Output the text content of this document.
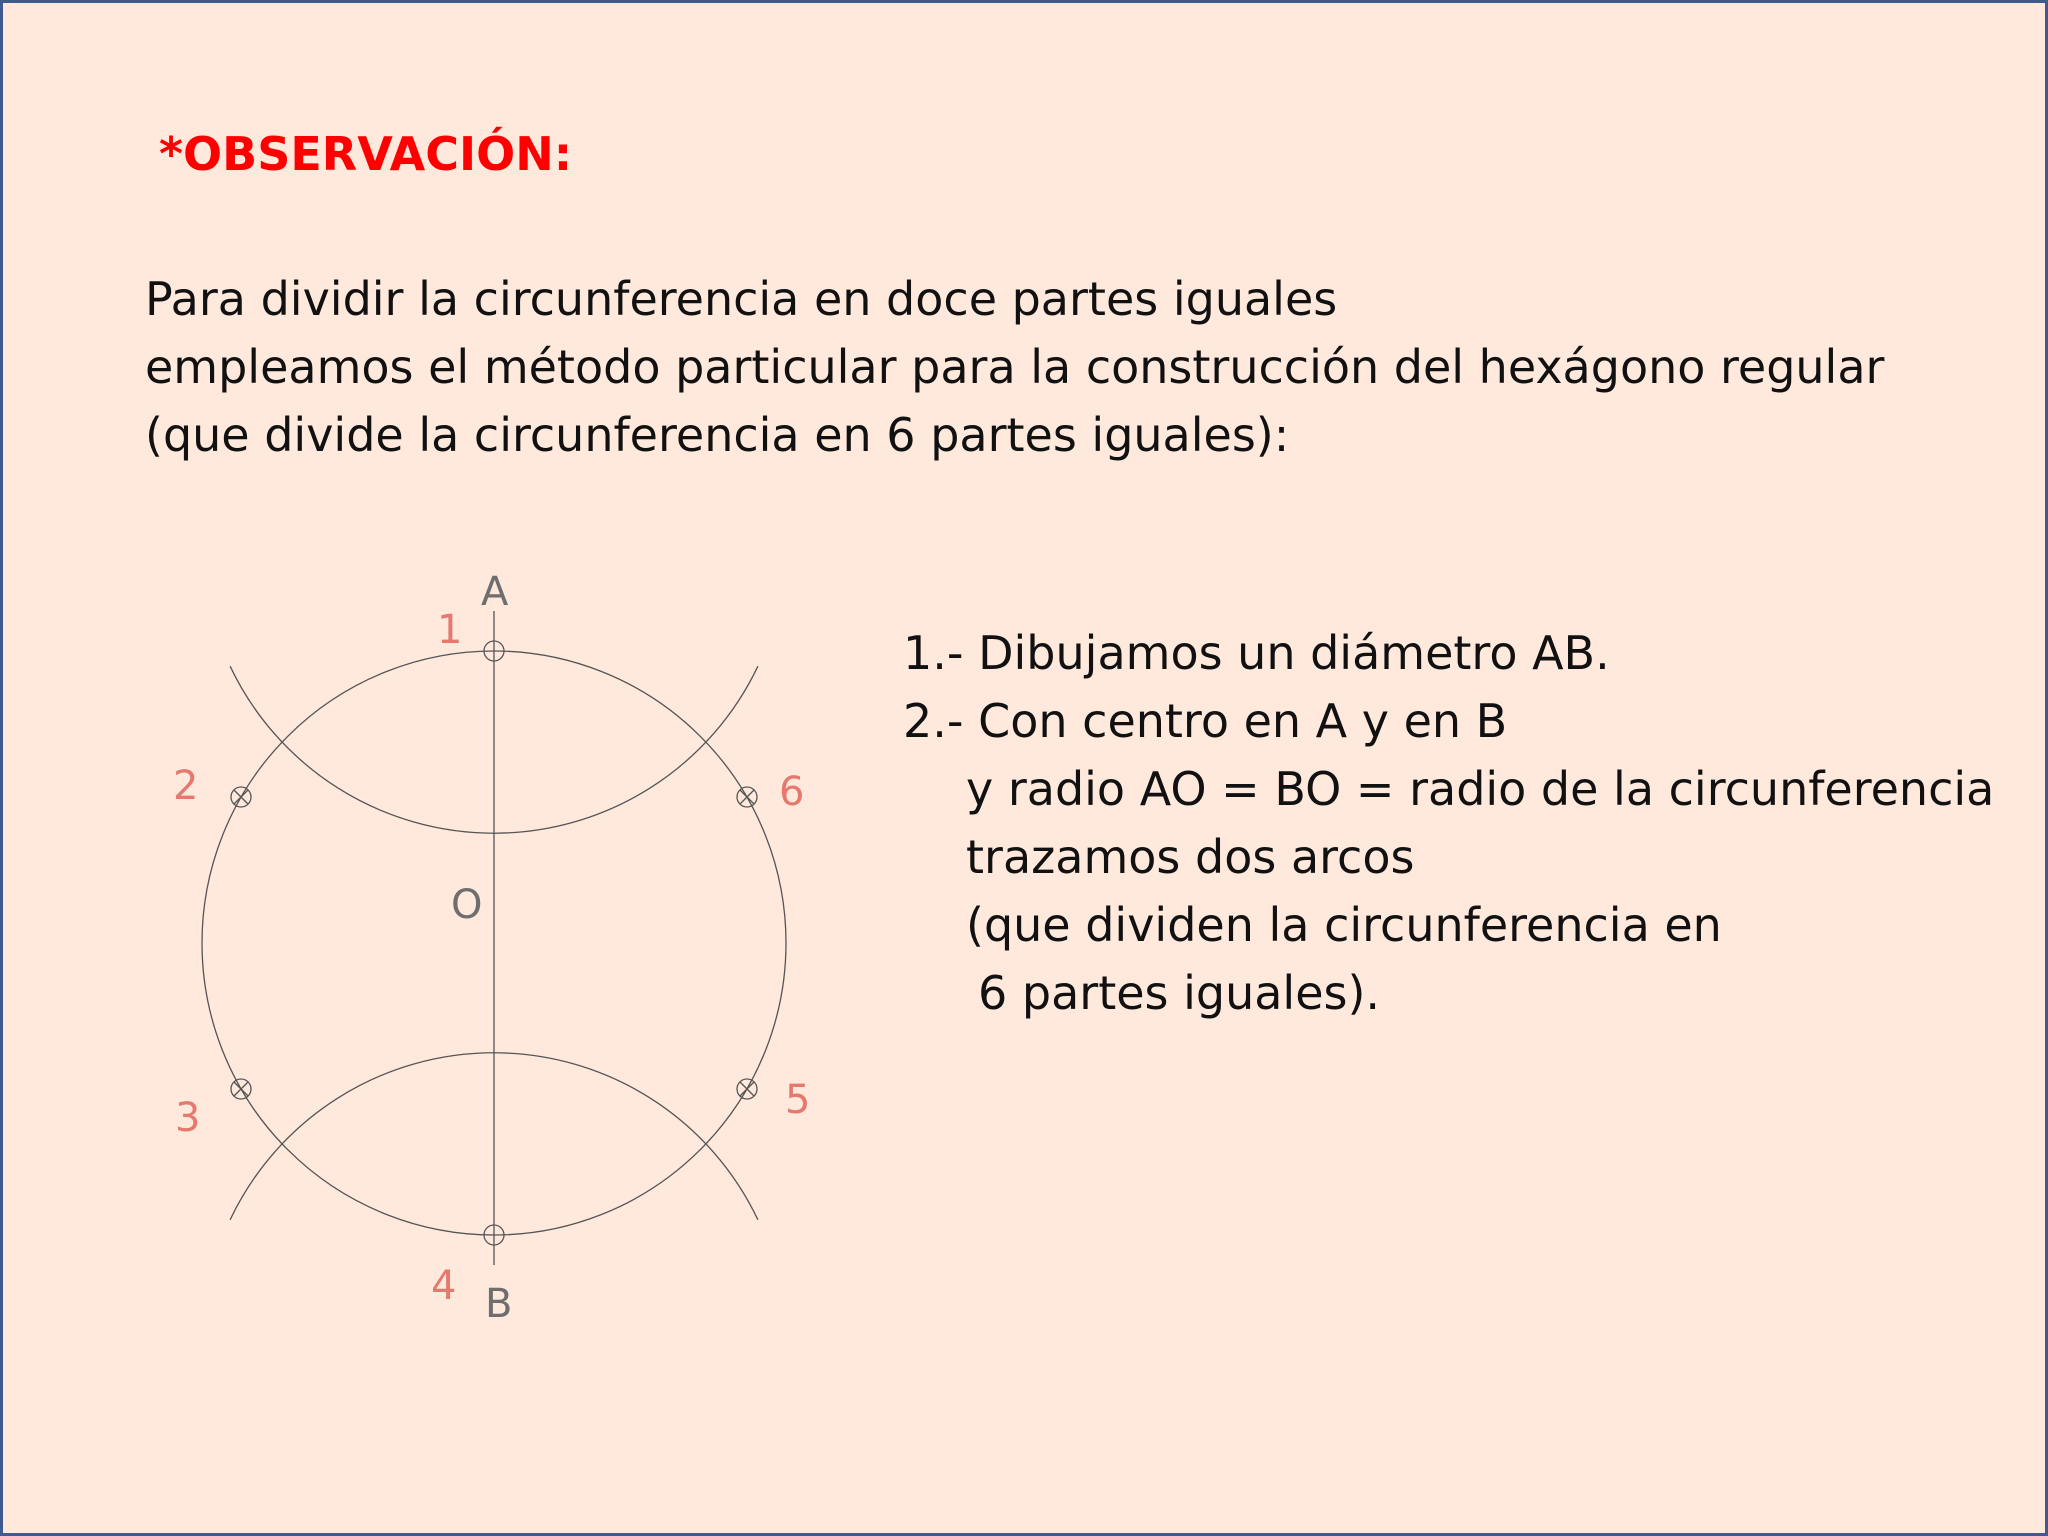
*OBSERVACIÓN:

Para dividir la circunferencia en doce partes iguales
empleamos el método particular para la construcción del hexágono regular
(que divide la circunferencia en 6 partes iguales):

A
B
O
1
2
3
4
5
6

1.- Dibujamos un diámetro AB.
2.- Con centro en A y en B
y radio AO = BO = radio de la circunferencia
trazamos dos arcos
(que dividen la circunferencia en
6 partes iguales).
